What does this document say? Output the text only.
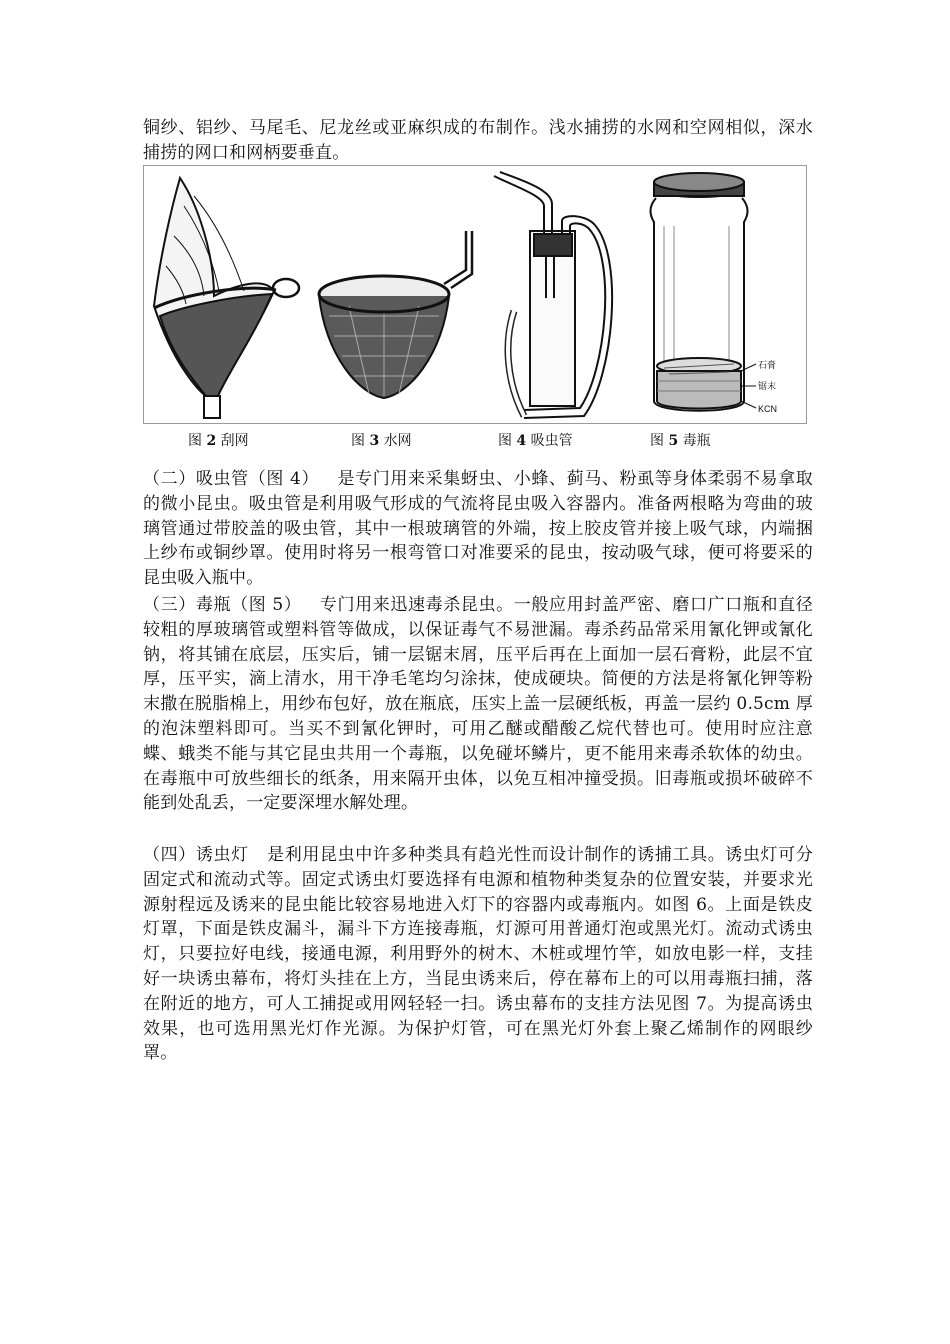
铜纱、铝纱、马尾毛、尼龙丝或亚麻织成的布制作。浅水捕捞的水网和空网相似，深水捕捞的网口和网柄要垂直。
石膏
锯末
KCN
图 2 刮网	图 3 水网	图 4 吸虫管	图 5 毒瓶
（二）吸虫管（图 4） 是专门用来采集蚜虫、小蜂、蓟马、粉虱等身体柔弱不易拿取的微小昆虫。吸虫管是利用吸气形成的气流将昆虫吸入容器内。准备两根略为弯曲的玻璃管通过带胶盖的吸虫管，其中一根玻璃管的外端，按上胶皮管并接上吸气球，内端捆上纱布或铜纱罩。使用时将另一根弯管口对准要采的昆虫，按动吸气球，便可将要采的昆虫吸入瓶中。
（三）毒瓶（图 5） 专门用来迅速毒杀昆虫。一般应用封盖严密、磨口广口瓶和直径较粗的厚玻璃管或塑料管等做成，以保证毒气不易泄漏。毒杀药品常采用氰化钾或氰化钠，将其铺在底层，压实后，铺一层锯末屑，压平后再在上面加一层石膏粉，此层不宜厚，压平实，滴上清水，用干净毛笔均匀涂抹，使成硬块。简便的方法是将氰化钾等粉末撒在脱脂棉上，用纱布包好，放在瓶底，压实上盖一层硬纸板，再盖一层约 0.5cm 厚的泡沫塑料即可。当买不到氰化钾时，可用乙醚或醋酸乙烷代替也可。使用时应注意蝶、蛾类不能与其它昆虫共用一个毒瓶，以免碰坏鳞片，更不能用来毒杀软体的幼虫。在毒瓶中可放些细长的纸条，用来隔开虫体，以免互相冲撞受损。旧毒瓶或损坏破碎不能到处乱丢，一定要深埋水解处理。
（四）诱虫灯 是利用昆虫中许多种类具有趋光性而设计制作的诱捕工具。诱虫灯可分固定式和流动式等。固定式诱虫灯要选择有电源和植物种类复杂的位置安装，并要求光源射程远及诱来的昆虫能比较容易地进入灯下的容器内或毒瓶内。如图 6。上面是铁皮灯罩，下面是铁皮漏斗，漏斗下方连接毒瓶，灯源可用普通灯泡或黑光灯。流动式诱虫灯，只要拉好电线，接通电源，利用野外的树木、木桩或埋竹竿，如放电影一样，支挂好一块诱虫幕布，将灯头挂在上方，当昆虫诱来后，停在幕布上的可以用毒瓶扫捕，落在附近的地方，可人工捕捉或用网轻轻一扫。诱虫幕布的支挂方法见图 7。为提高诱虫效果，也可选用黑光灯作光源。为保护灯管，可在黑光灯外套上聚乙烯制作的网眼纱罩。
